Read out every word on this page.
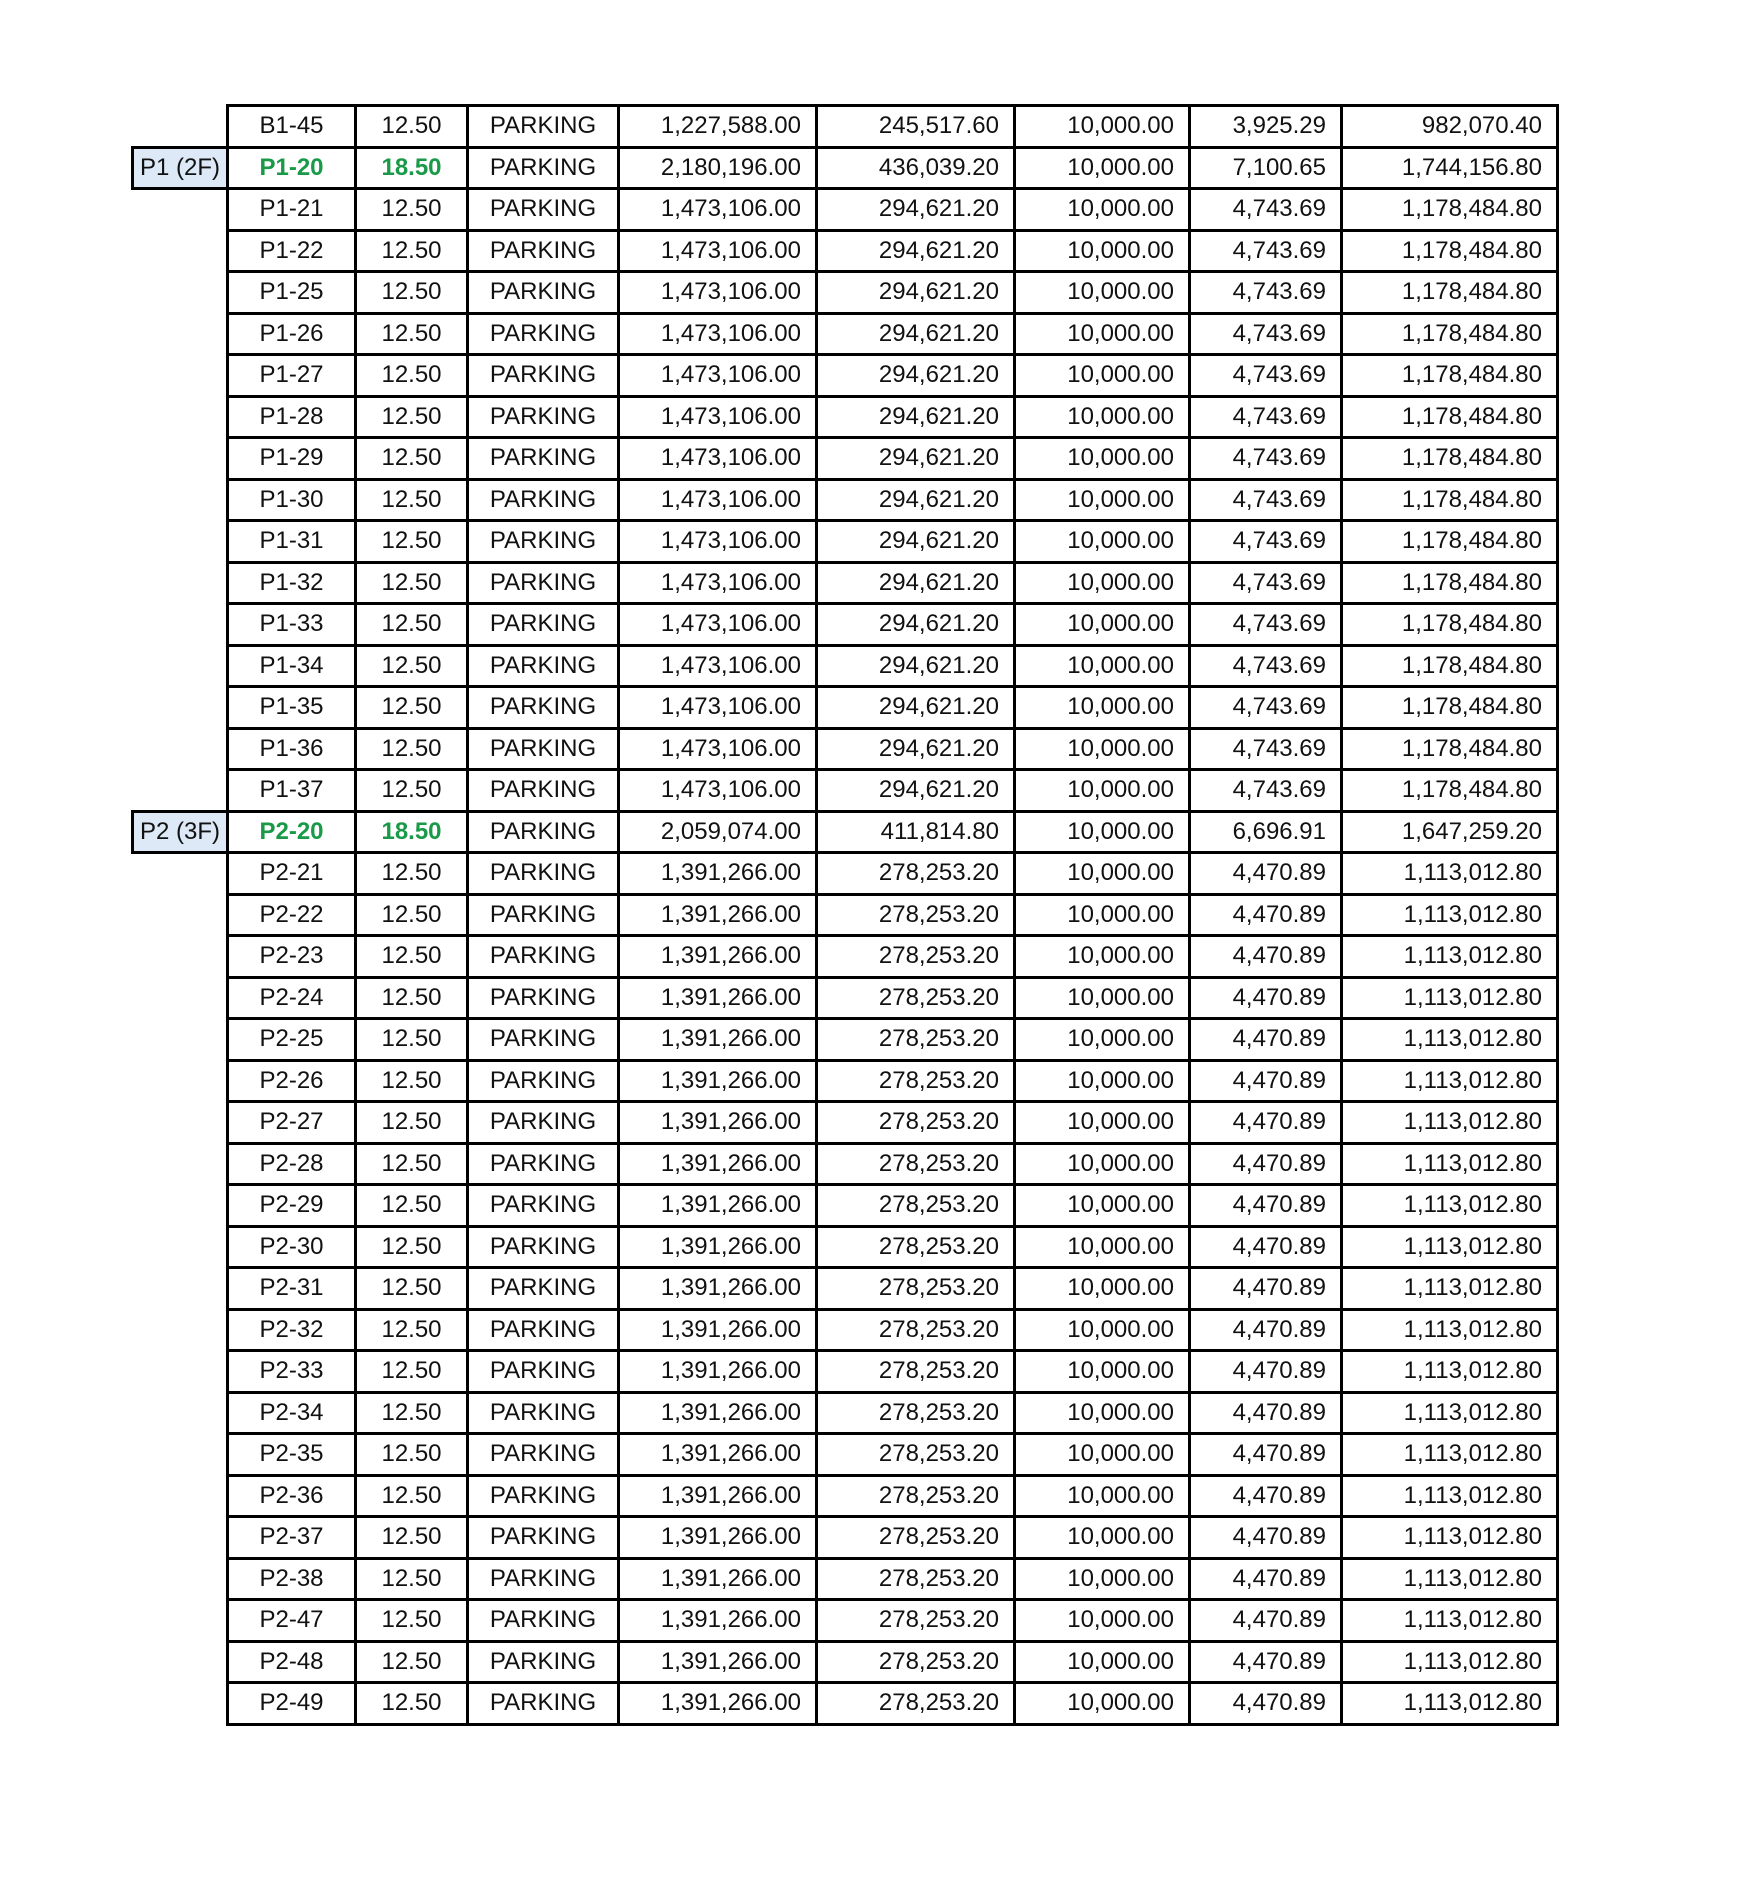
	B1-45	12.50	PARKING	1,227,588.00	245,517.60	10,000.00	3,925.29	982,070.40
P1 (2F)	P1-20	18.50	PARKING	2,180,196.00	436,039.20	10,000.00	7,100.65	1,744,156.80
	P1-21	12.50	PARKING	1,473,106.00	294,621.20	10,000.00	4,743.69	1,178,484.80
	P1-22	12.50	PARKING	1,473,106.00	294,621.20	10,000.00	4,743.69	1,178,484.80
	P1-25	12.50	PARKING	1,473,106.00	294,621.20	10,000.00	4,743.69	1,178,484.80
	P1-26	12.50	PARKING	1,473,106.00	294,621.20	10,000.00	4,743.69	1,178,484.80
	P1-27	12.50	PARKING	1,473,106.00	294,621.20	10,000.00	4,743.69	1,178,484.80
	P1-28	12.50	PARKING	1,473,106.00	294,621.20	10,000.00	4,743.69	1,178,484.80
	P1-29	12.50	PARKING	1,473,106.00	294,621.20	10,000.00	4,743.69	1,178,484.80
	P1-30	12.50	PARKING	1,473,106.00	294,621.20	10,000.00	4,743.69	1,178,484.80
	P1-31	12.50	PARKING	1,473,106.00	294,621.20	10,000.00	4,743.69	1,178,484.80
	P1-32	12.50	PARKING	1,473,106.00	294,621.20	10,000.00	4,743.69	1,178,484.80
	P1-33	12.50	PARKING	1,473,106.00	294,621.20	10,000.00	4,743.69	1,178,484.80
	P1-34	12.50	PARKING	1,473,106.00	294,621.20	10,000.00	4,743.69	1,178,484.80
	P1-35	12.50	PARKING	1,473,106.00	294,621.20	10,000.00	4,743.69	1,178,484.80
	P1-36	12.50	PARKING	1,473,106.00	294,621.20	10,000.00	4,743.69	1,178,484.80
	P1-37	12.50	PARKING	1,473,106.00	294,621.20	10,000.00	4,743.69	1,178,484.80
P2 (3F)	P2-20	18.50	PARKING	2,059,074.00	411,814.80	10,000.00	6,696.91	1,647,259.20
	P2-21	12.50	PARKING	1,391,266.00	278,253.20	10,000.00	4,470.89	1,113,012.80
	P2-22	12.50	PARKING	1,391,266.00	278,253.20	10,000.00	4,470.89	1,113,012.80
	P2-23	12.50	PARKING	1,391,266.00	278,253.20	10,000.00	4,470.89	1,113,012.80
	P2-24	12.50	PARKING	1,391,266.00	278,253.20	10,000.00	4,470.89	1,113,012.80
	P2-25	12.50	PARKING	1,391,266.00	278,253.20	10,000.00	4,470.89	1,113,012.80
	P2-26	12.50	PARKING	1,391,266.00	278,253.20	10,000.00	4,470.89	1,113,012.80
	P2-27	12.50	PARKING	1,391,266.00	278,253.20	10,000.00	4,470.89	1,113,012.80
	P2-28	12.50	PARKING	1,391,266.00	278,253.20	10,000.00	4,470.89	1,113,012.80
	P2-29	12.50	PARKING	1,391,266.00	278,253.20	10,000.00	4,470.89	1,113,012.80
	P2-30	12.50	PARKING	1,391,266.00	278,253.20	10,000.00	4,470.89	1,113,012.80
	P2-31	12.50	PARKING	1,391,266.00	278,253.20	10,000.00	4,470.89	1,113,012.80
	P2-32	12.50	PARKING	1,391,266.00	278,253.20	10,000.00	4,470.89	1,113,012.80
	P2-33	12.50	PARKING	1,391,266.00	278,253.20	10,000.00	4,470.89	1,113,012.80
	P2-34	12.50	PARKING	1,391,266.00	278,253.20	10,000.00	4,470.89	1,113,012.80
	P2-35	12.50	PARKING	1,391,266.00	278,253.20	10,000.00	4,470.89	1,113,012.80
	P2-36	12.50	PARKING	1,391,266.00	278,253.20	10,000.00	4,470.89	1,113,012.80
	P2-37	12.50	PARKING	1,391,266.00	278,253.20	10,000.00	4,470.89	1,113,012.80
	P2-38	12.50	PARKING	1,391,266.00	278,253.20	10,000.00	4,470.89	1,113,012.80
	P2-47	12.50	PARKING	1,391,266.00	278,253.20	10,000.00	4,470.89	1,113,012.80
	P2-48	12.50	PARKING	1,391,266.00	278,253.20	10,000.00	4,470.89	1,113,012.80
	P2-49	12.50	PARKING	1,391,266.00	278,253.20	10,000.00	4,470.89	1,113,012.80
